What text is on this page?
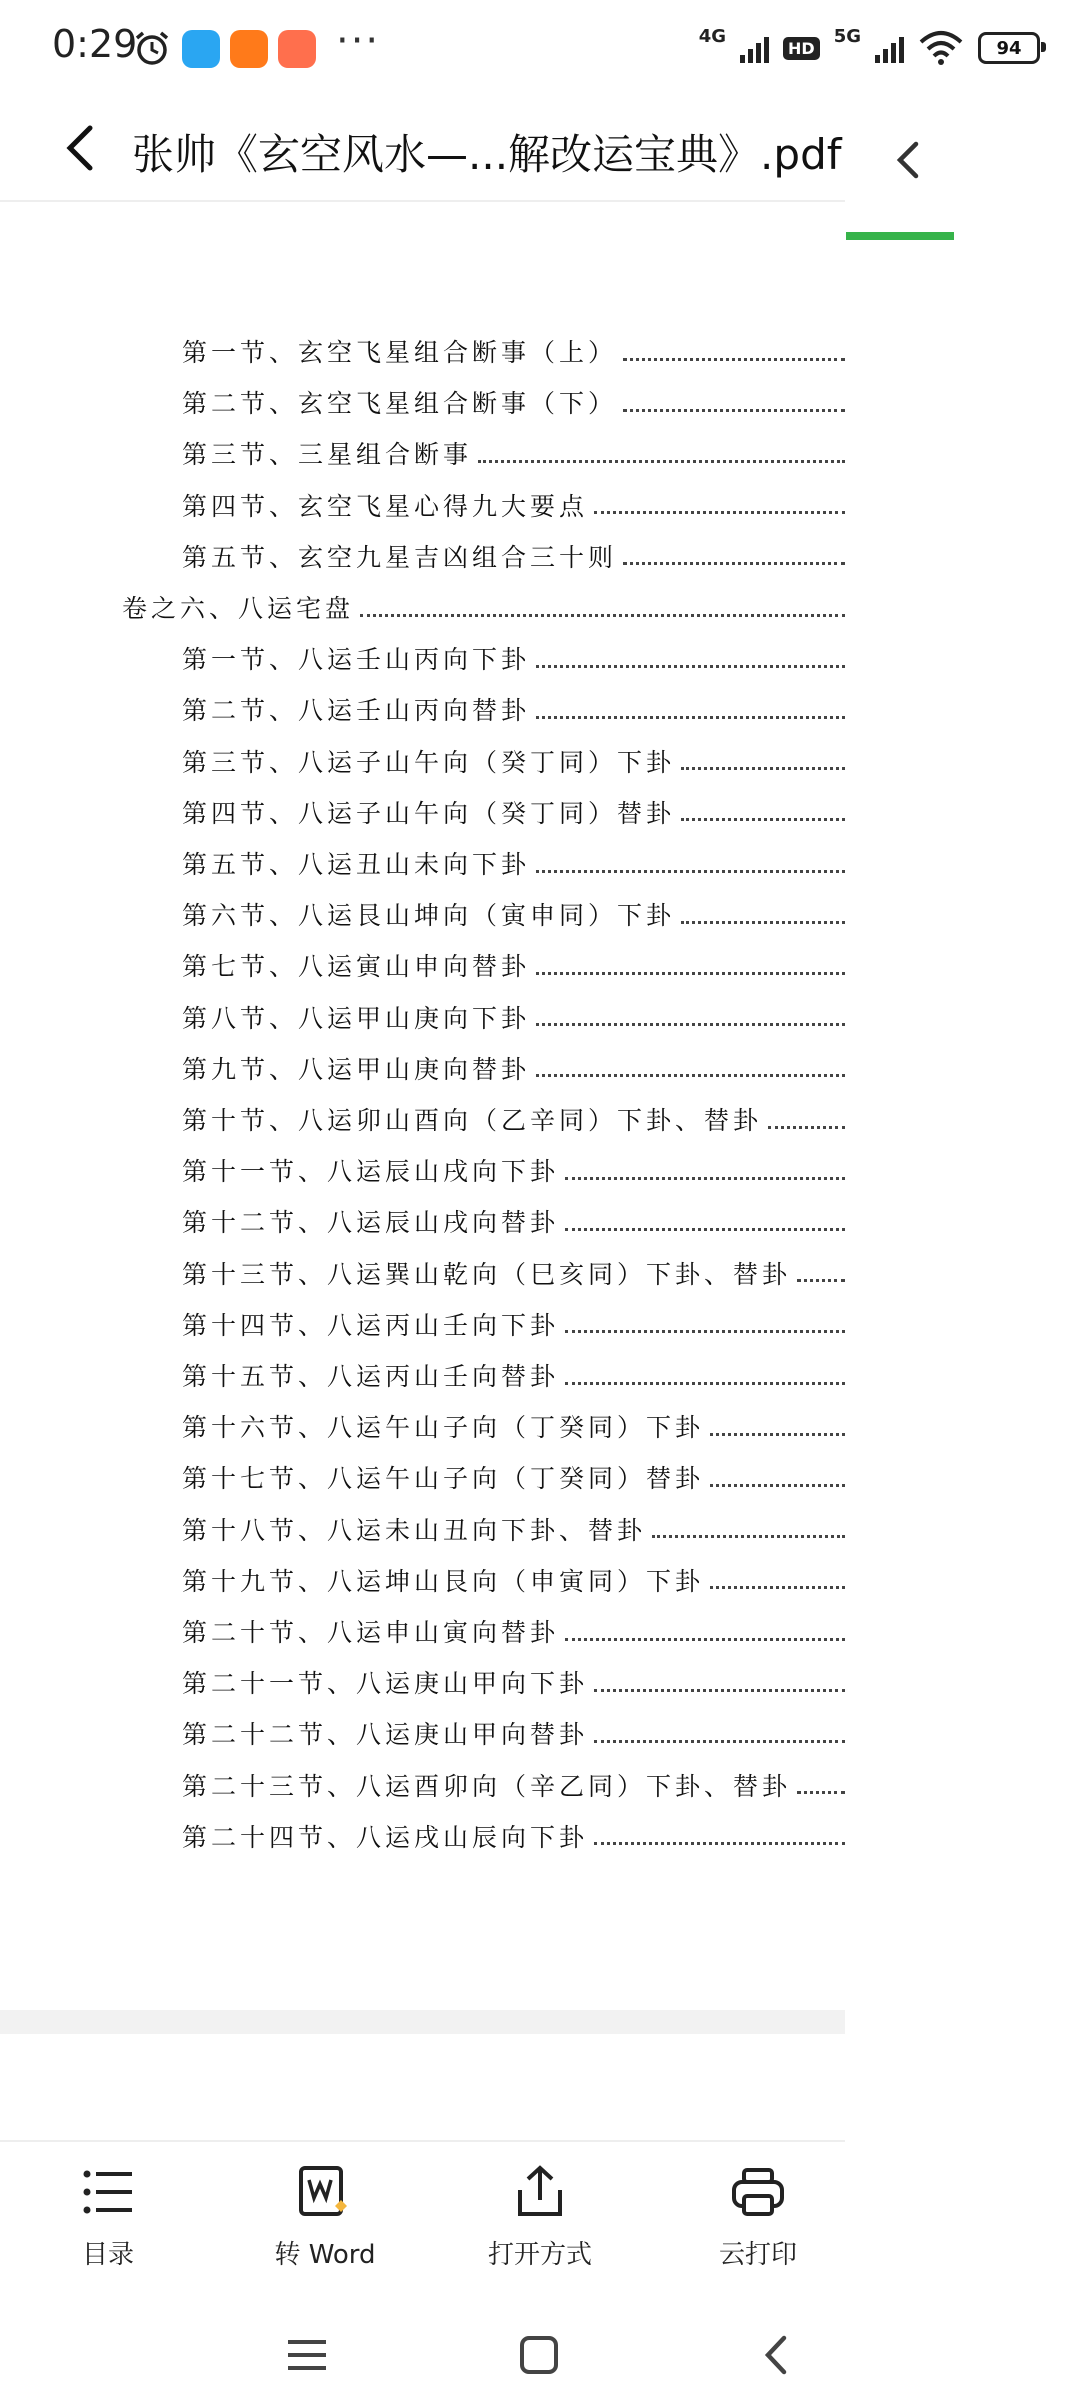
0:29	···	4G
HD
5G
94
张帅《玄空风水—...解改运宝典》.pdf
第一节、玄空飞星组合断事（上）
第二节、玄空飞星组合断事（下）
第三节、三星组合断事
第四节、玄空飞星心得九大要点
第五节、玄空九星吉凶组合三十则
卷之六、八运宅盘
第一节、八运壬山丙向下卦
第二节、八运壬山丙向替卦
第三节、八运子山午向（癸丁同）下卦
第四节、八运子山午向（癸丁同）替卦
第五节、八运丑山未向下卦
第六节、八运艮山坤向（寅申同）下卦
第七节、八运寅山申向替卦
第八节、八运甲山庚向下卦
第九节、八运甲山庚向替卦
第十节、八运卯山酉向（乙辛同）下卦、替卦
第十一节、八运辰山戌向下卦
第十二节、八运辰山戌向替卦
第十三节、八运巽山乾向（巳亥同）下卦、替卦
第十四节、八运丙山壬向下卦
第十五节、八运丙山壬向替卦
第十六节、八运午山子向（丁癸同）下卦
第十七节、八运午山子向（丁癸同）替卦
第十八节、八运未山丑向下卦、替卦
第十九节、八运坤山艮向（申寅同）下卦
第二十节、八运申山寅向替卦
第二十一节、八运庚山甲向下卦
第二十二节、八运庚山甲向替卦
第二十三节、八运酉卯向（辛乙同）下卦、替卦
第二十四节、八运戌山辰向下卦
目录	转 Word	打开方式	云打印
